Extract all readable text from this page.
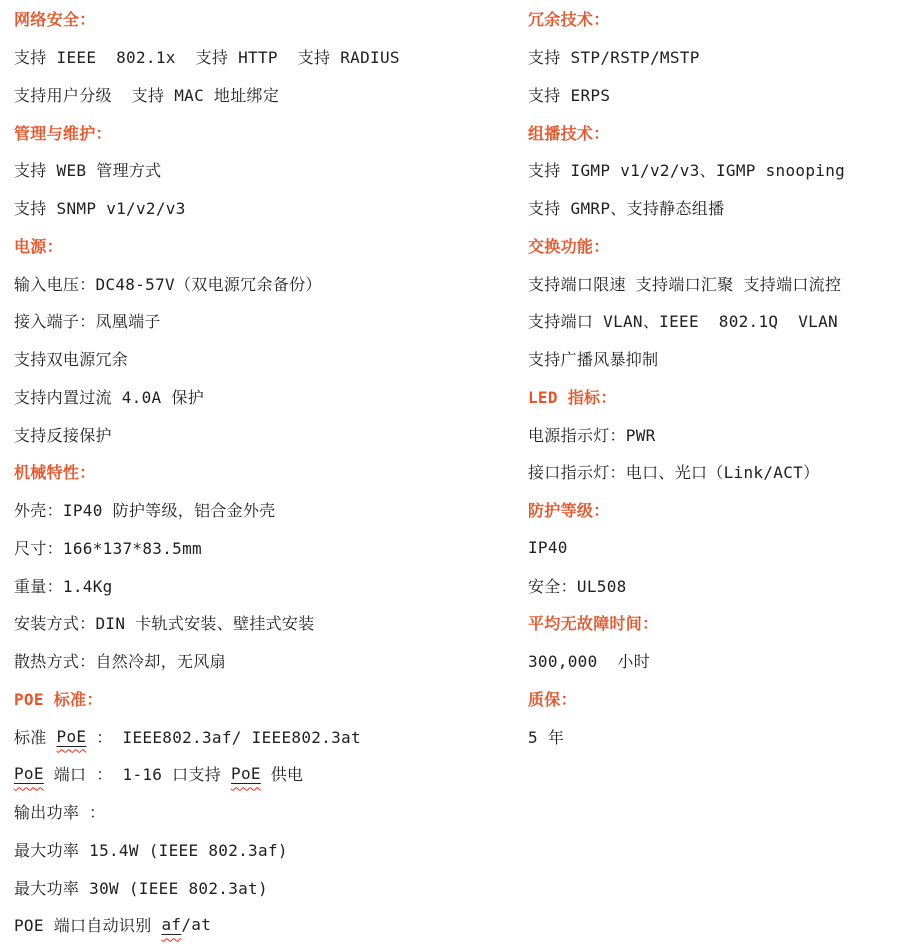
网络安全：
支持 IEEE  802.1x  支持 HTTP  支持 RADIUS
支持用户分级  支持 MAC 地址绑定
管理与维护：
支持 WEB 管理方式
支持 SNMP v1/v2/v3
电源：
输入电压：DC48-57V（双电源冗余备份）
接入端子：凤凰端子
支持双电源冗余
支持内置过流 4.0A 保护
支持反接保护
机械特性：
外壳：IP40 防护等级，铝合金外壳
尺寸：166*137*83.5mm
重量：1.4Kg
安装方式：DIN 卡轨式安装、壁挂式安装
散热方式：自然冷却，无风扇
POE 标准：
标准 PoE ： IEEE802.3af/ IEEE802.3at
PoE 端口 ： 1-16 口支持 PoE 供电
输出功率 ：
最大功率 15.4W (IEEE 802.3af)
最大功率 30W (IEEE 802.3at)
POE 端口自动识别 af /at
冗余技术：
支持 STP/RSTP/MSTP
支持 ERPS
组播技术：
支持 IGMP v1/v2/v3、IGMP snooping
支持 GMRP、支持静态组播
交换功能：
支持端口限速 支持端口汇聚 支持端口流控
支持端口 VLAN、IEEE  802.1Q  VLAN
支持广播风暴抑制
LED 指标：
电源指示灯：PWR
接口指示灯：电口、光口（Link/ACT）
防护等级：
IP40
安全：UL508
平均无故障时间：
300,000  小时
质保：
5 年
